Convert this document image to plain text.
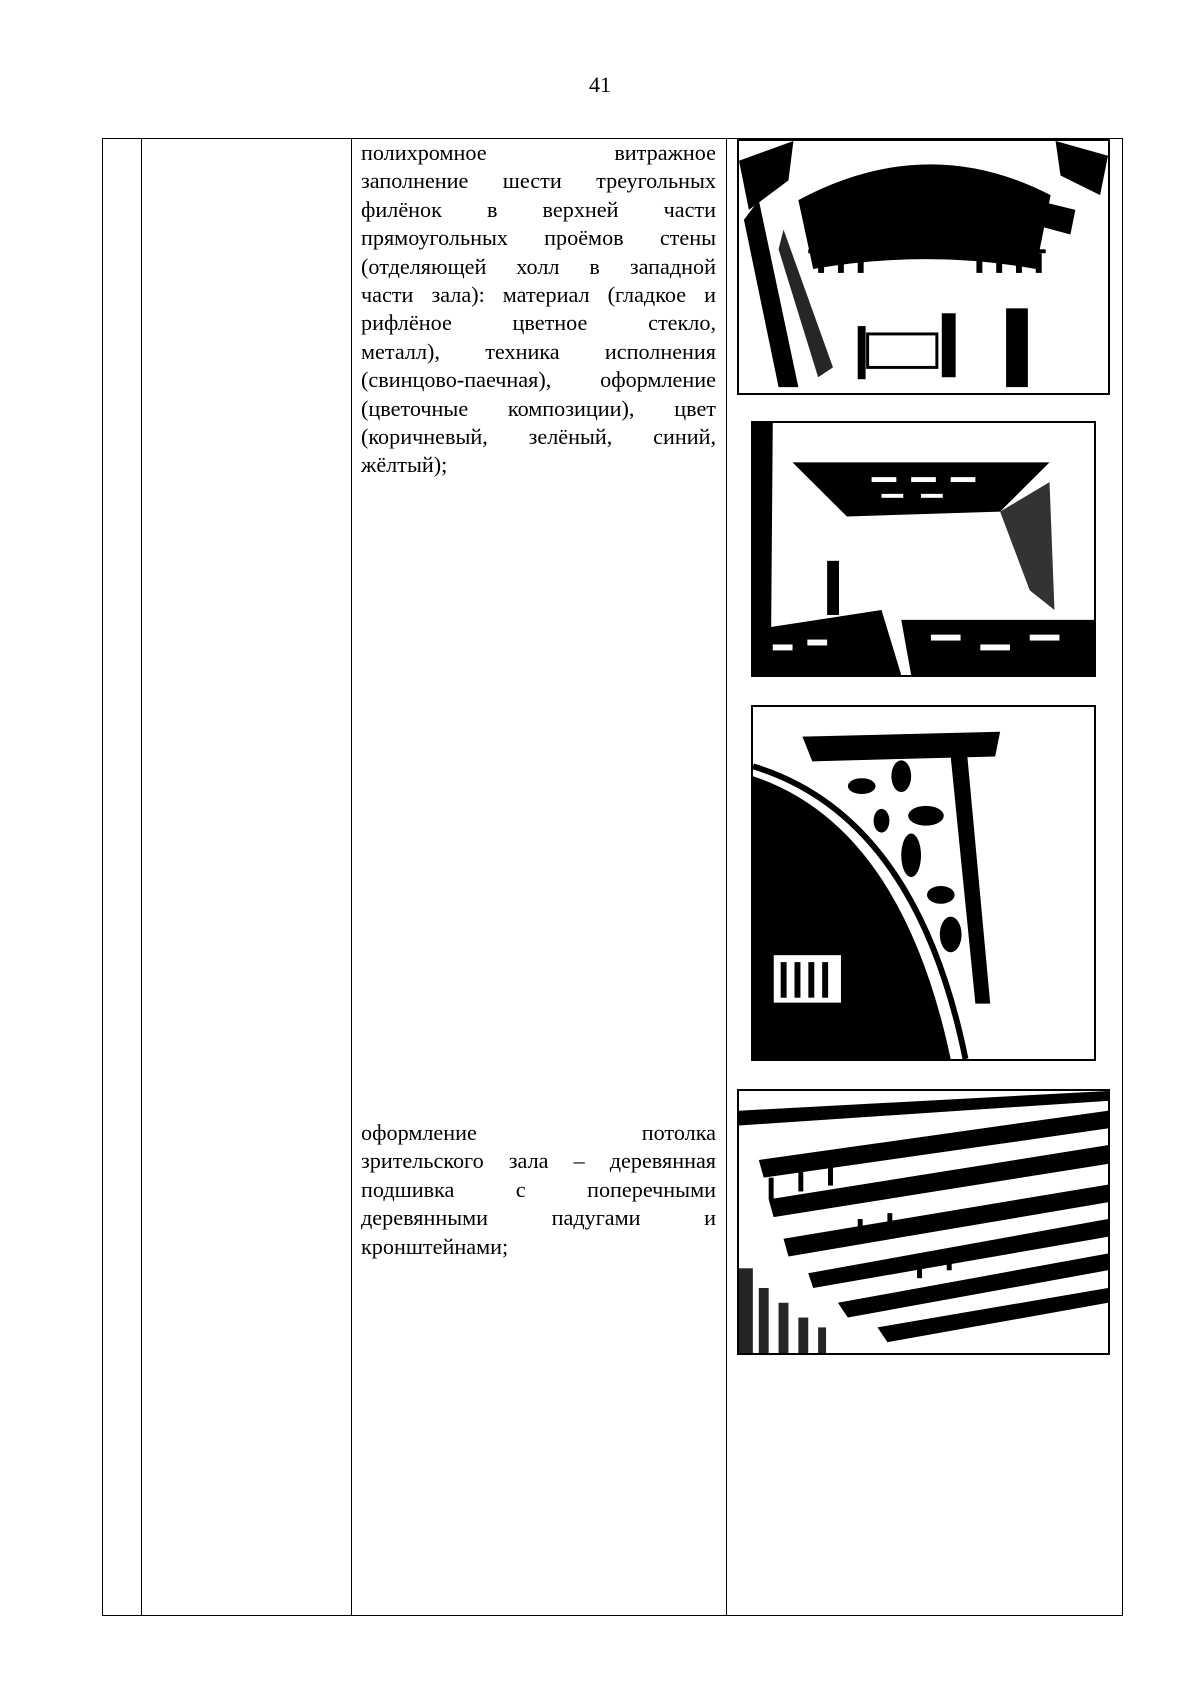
41
полихромное витражное
заполнение шести треугольных
филёнок в верхней части
прямоугольных проёмов стены
(отделяющей холл в западной
части зала): материал (гладкое и
рифлёное цветное стекло,
металл), техника исполнения
(свинцово-паечная), оформление
(цветочные композиции), цвет
(коричневый, зелёный, синий,
жёлтый);
оформление потолка
зрительского зала – деревянная
подшивка с поперечными
деревянными падугами и
кронштейнами;
